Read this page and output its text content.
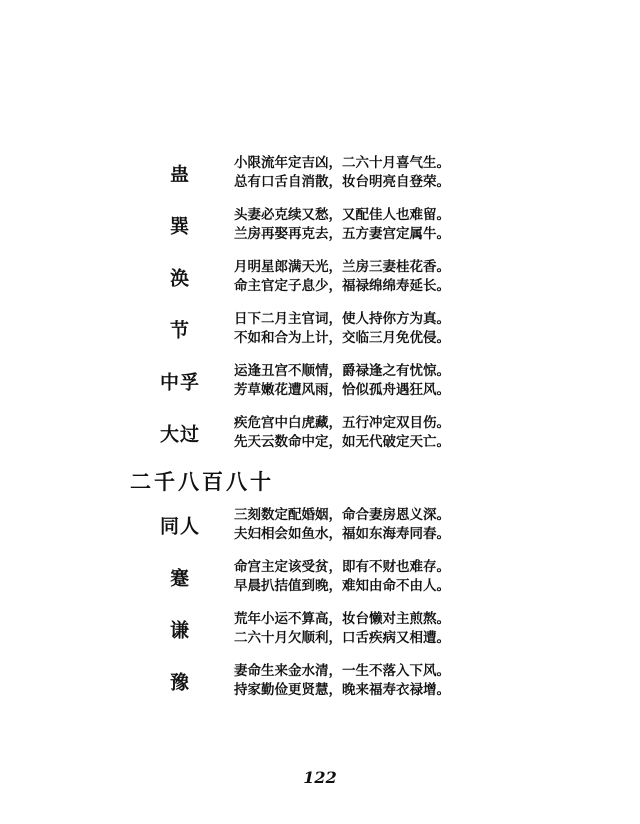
蛊
小限流年定吉凶，二六十月喜气生。
总有口舌自消散，妆台明亮自登荣。
巽
头妻必克续又愁，又配佳人也难留。
兰房再娶再克去，五方妻宫定属牛。
涣
月明星郎满天光，兰房三妻桂花香。
命主官定子息少，福禄绵绵寿延长。
节
日下二月主官词，使人持你方为真。
不如和合为上计，交临三月免优侵。
中孚
运逢丑宫不顺情，爵禄逢之有忧惊。
芳草嫩花遭风雨，恰似孤舟遇狂风。
大过
疾危宫中白虎藏，五行冲定双目伤。
先天云数命中定，如无代破定天亡。
二千八百八十
同人
三刻数定配婚姻，命合妻房恩义深。
夫妇相会如鱼水，福如东海寿同春。
蹇
命宫主定该受贫，即有不财也难存。
早晨扒拮值到晚，难知由命不由人。
谦
荒年小运不算高，妆台懒对主煎熬。
二六十月欠顺利，口舌疾病又相遭。
豫
妻命生来金水清，一生不落入下风。
持家勤俭更贤慧，晚来福寿衣禄增。
122
